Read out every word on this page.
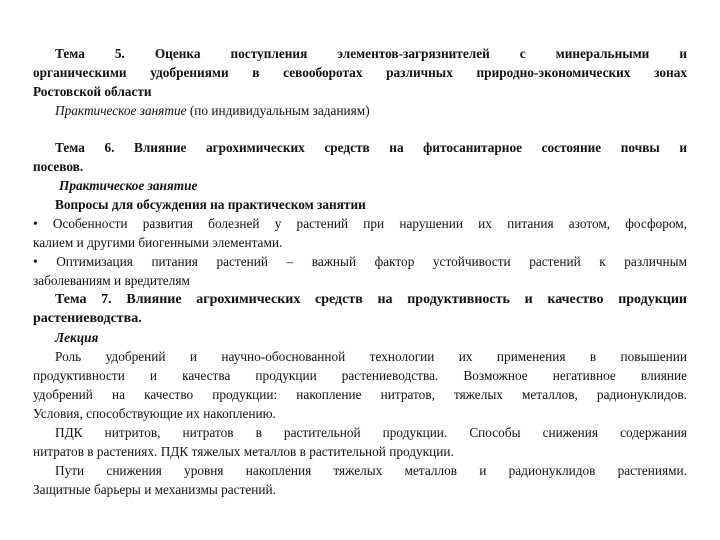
Тема 5. Оценка поступления элементов-загрязнителей с минеральными и

органическими удобрениями в севооборотах различных природно-экономических зонах

Ростовской области

Практическое занятие (по индивидуальным заданиям)

Тема 6. Влияние агрохимических средств на фитосанитарное состояние почвы и

посевов.

Практическое занятие

Вопросы для обсуждения на практическом занятии

• Особенности развития болезней у растений при нарушении их питания азотом, фосфором,

калием и другими биогенными элементами.

• Оптимизация питания растений – важный фактор устойчивости растений к различным

заболеваниям и вредителям

Тема 7. Влияние агрохимических средств на продуктивность и качество продукции

растениеводства.

Лекция

Роль удобрений и научно-обоснованной технологии их применения в повышении

продуктивности и качества продукции растениеводства. Возможное негативное влияние

удобрений на качество продукции: накопление нитратов, тяжелых металлов, радионуклидов.

Условия, способствующие их накоплению.

ПДК нитритов, нитратов в растительной продукции. Способы снижения содержания

нитратов в растениях. ПДК тяжелых металлов в растительной продукции.

Пути снижения уровня накопления тяжелых металлов и радионуклидов растениями.

Защитные барьеры и механизмы растений.
